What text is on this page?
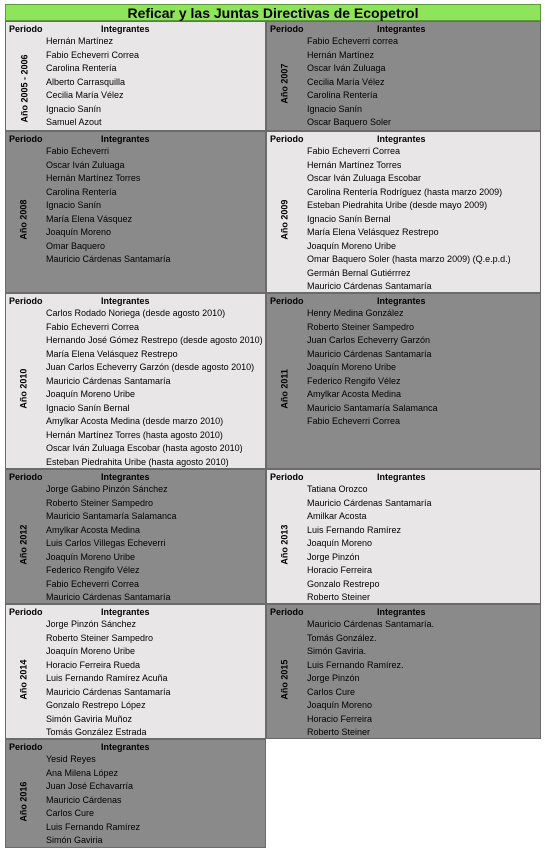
Reficar y las Juntas Directivas de Ecopetrol
Periodo	Integrantes
Año 2005 - 2006
Hernán Martínez
Fabio Echeverri Correa
Carolina Rentería
Alberto Carrasquilla
Cecilia María Vélez
Ignacio Sanín
Samuel Azout
Periodo	Integrantes
Año 2007
Fabio Echeverri correa
Hernán Martínez
Oscar Iván Zuluaga
Cecilia María Vélez
Carolina Rentería
Ignacio Sanín
Oscar Baquero Soler
Periodo	Integrantes
Año 2008
Fabio Echeverri
Oscar Iván Zuluaga
Hernán Martínez Torres
Carolina Rentería
Ignacio Sanín
María Elena Vásquez
Joaquín Moreno
Omar Baquero
Mauricio Cárdenas Santamaría
Periodo	Integrantes
Año 2009
Fabio Echeverri Correa
Hernán Martínez Torres
Oscar Iván Zuluaga Escobar
Carolina Rentería Rodríguez (hasta marzo 2009)
Esteban Piedrahita Uribe (desde mayo 2009)
Ignacio Sanín Bernal
María Elena Velásquez Restrepo
Joaquín Moreno Uribe
Omar Baquero Soler (hasta marzo 2009) (Q.e.p.d.)
Germán Bernal Gutiérrrez
Mauricio Cárdenas Santamaría
Periodo	Integrantes
Año 2010
Carlos Rodado Noriega (desde agosto 2010)
Fabio Echeverri Correa
Hernando José Gómez Restrepo (desde agosto 2010)
María Elena Velásquez Restrepo
Juan Carlos Echeverry Garzón (desde agosto 2010)
Mauricio Cárdenas Santamaría
Joaquín Moreno Uribe
Ignacio Sanín Bernal
Amylkar Acosta Medina (desde marzo 2010)
Hernán Martínez Torres (hasta agosto 2010)
Oscar Iván Zuluaga Escobar (hasta agosto 2010)
Esteban Piedrahita Uribe (hasta agosto 2010)
Periodo	Integrantes
Año 2011
Henry Medina González
Roberto Steiner Sampedro
Juan Carlos Echeverry Garzón
Mauricio Cárdenas Santamaría
Joaquín Moreno Uribe
Federico Rengifo Vélez
Amylkar Acosta Medina
Mauricio Santamaría Salamanca
Fabio Echeverri Correa
Periodo	Integrantes
Año 2012
Jorge Gabino Pinzón Sánchez
Roberto Steiner Sampedro
Mauricio Santamaría Salamanca
Amylkar Acosta Medina
Luis Carlos Villegas Echeverri
Joaquín Moreno Uribe
Federico Rengifo Vélez
Fabio Echeverri Correa
Mauricio Cárdenas Santamaría
Periodo	Integrantes
Año 2013
Tatiana Orozco
Mauricio Cárdenas Santamaría
Amilkar Acosta
Luis Fernando Ramírez
Joaquín Moreno
Jorge Pinzón
Horacio Ferreira
Gonzalo Restrepo
Roberto Steiner
Periodo	Integrantes
Año 2014
Jorge Pinzón Sánchez
Roberto Steiner Sampedro
Joaquín Moreno Uribe
Horacio Ferreira Rueda
Luis Fernando Ramírez Acuña
Mauricio Cárdenas Santamaría
Gonzalo Restrepo López
Simón Gaviria Muñoz
Tomás González Estrada
Periodo	Integrantes
Año 2015
Mauricio Cárdenas Santamaría.
Tomás González.
Simón Gaviria.
Luis Fernando Ramírez.
Jorge Pinzón
Carlos Cure
Joaquín Moreno
Horacio Ferreira
Roberto Steiner
Periodo	Integrantes
Año 2016
Yesid Reyes
Ana Milena López
Juan José Echavarría
Mauricio Cárdenas
Carlos Cure
Luis Fernando Ramírez
Simón Gaviria
